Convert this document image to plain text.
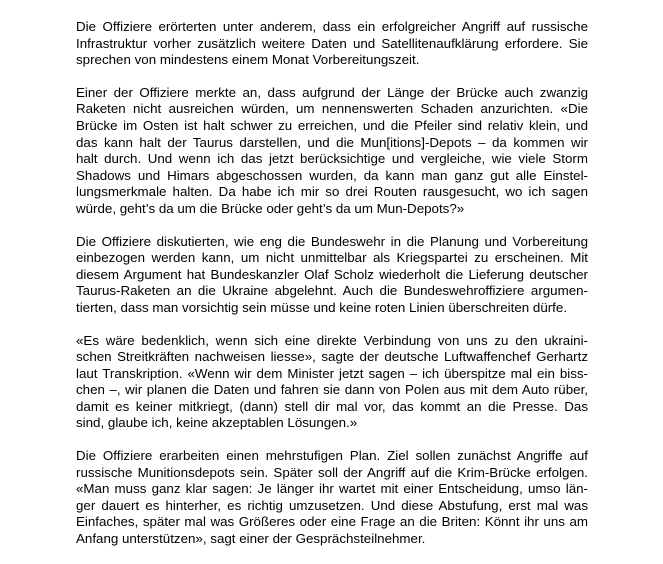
Die Offiziere erörterten unter anderem, dass ein erfolgreicher Angriff auf russische
Infrastruktur vorher zusätzlich weitere Daten und Satellitenaufklärung erfordere. Sie
sprechen von mindestens einem Monat Vorbereitungszeit.
Einer der Offiziere merkte an, dass aufgrund der Länge der Brücke auch zwanzig
Raketen nicht ausreichen würden, um nennenswerten Schaden anzurichten. «Die
Brücke im Osten ist halt schwer zu erreichen, und die Pfeiler sind relativ klein, und
das kann halt der Taurus darstellen, und die Mun[itions]-Depots – da kommen wir
halt durch. Und wenn ich das jetzt berücksichtige und vergleiche, wie viele Storm
Shadows und Himars abgeschossen wurden, da kann man ganz gut alle Einstel-
lungsmerkmale halten. Da habe ich mir so drei Routen rausgesucht, wo ich sagen
würde, geht’s da um die Brücke oder geht’s da um Mun-Depots?»
Die Offiziere diskutierten, wie eng die Bundeswehr in die Planung und Vorbereitung
einbezogen werden kann, um nicht unmittelbar als Kriegspartei zu erscheinen. Mit
diesem Argument hat Bundeskanzler Olaf Scholz wiederholt die Lieferung deutscher
Taurus-Raketen an die Ukraine abgelehnt. Auch die Bundeswehroffiziere argumen-
tierten, dass man vorsichtig sein müsse und keine roten Linien überschreiten dürfe.
«Es wäre bedenklich, wenn sich eine direkte Verbindung von uns zu den ukraini-
schen Streitkräften nachweisen liesse», sagte der deutsche Luftwaffenchef Gerhartz
laut Transkription. «Wenn wir dem Minister jetzt sagen – ich überspitze mal ein biss-
chen –, wir planen die Daten und fahren sie dann von Polen aus mit dem Auto rüber,
damit es keiner mitkriegt, (dann) stell dir mal vor, das kommt an die Presse. Das
sind, glaube ich, keine akzeptablen Lösungen.»
Die Offiziere erarbeiten einen mehrstufigen Plan. Ziel sollen zunächst Angriffe auf
russische Munitionsdepots sein. Später soll der Angriff auf die Krim-Brücke erfolgen.
«Man muss ganz klar sagen: Je länger ihr wartet mit einer Entscheidung, umso län-
ger dauert es hinterher, es richtig umzusetzen. Und diese Abstufung, erst mal was
Einfaches, später mal was Größeres oder eine Frage an die Briten: Könnt ihr uns am
Anfang unterstützen», sagt einer der Gesprächsteilnehmer.
